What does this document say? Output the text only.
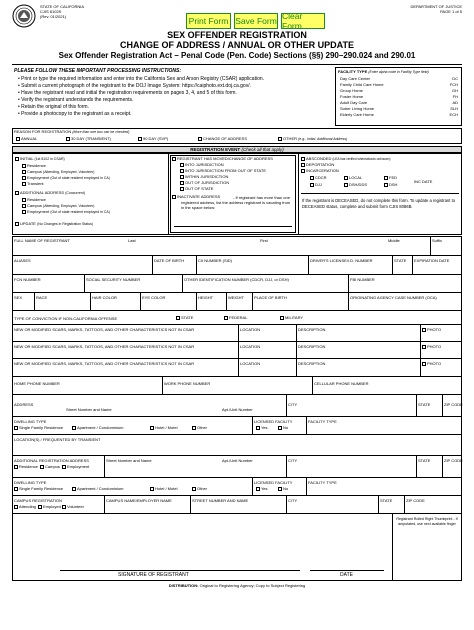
STATE OF CALIFORNIA
CJIS 8102S
(Rev. 01/2021)	Print Form Save Form Clear Form
DEPARTMENT OF JUSTICE
PAGE 1 of 5
SEX OFFENDER REGISTRATION
CHANGE OF ADDRESS / ANNUAL OR OTHER UPDATE
Sex Offender Registration Act – Penal Code (Pen. Code) Sections (§§) 290–290.024 and 290.01
PLEASE FOLLOW THESE IMPORTANT PROCESSING INSTRUCTIONS:
• Print or type the required information and enter into the California Sex and Arson Registry (CSAR) application.
• Submit a current photograph of the registrant to the DOJ Image System: https://caiphoto.ext.doj.ca.gov/.
• Have the registrant read and initial the registration requirements on pages 3, 4, and 5 of this form.
• Verify the registrant understands the requirements.
• Retain the original of this form.
• Provide a photocopy to the registrant as a receipt.
FACILITY TYPE (Enter alpha code in Facility Type field)
Day Care Center	DC
Family Child Care Home	FCH
Group Home	GH
Foster Home	FH
Adult Day Care	AD
Sober Living Home	SLH
Elderly Care Home	ECH
REASON FOR REGISTRATION (More than one box can be checked)
ANNUAL	30 DAY (TRANSIENT)	90 DAY (SVP)	CHANGE OF ADDRESS	OTHER (e.g., Initial, Additional Address)
REGISTRATION EVENT (Check all that apply)
INITIAL (1st 8102 in CSAR)
Residence
Campus (Attending, Employed, Volunteer)
Employment (Out of state resident employed in CA)
Transient
ADDITIONAL ADDRESS (Concurrent)
Residence
Campus (Attending, Employed, Volunteer)
Employment (Out of state resident employed in CA)
UPDATE (No Changes in Registration Status)
REGISTRANT HAS MOVED/CHANGE OF ADDRESS
INTO JURISDICTION
INTO JURISDICTION FROM OUT OF STATE
WITHIN JURISDICTION
OUT OF JURISDICTION
OUT OF STATE
INACTIVATE ADDRESS	- If registrant has more than one registered address, list the address registrant is vacating from in the space below:
ABSCONDED (LEA has verified whereabouts unknown)
DEPORTATION
INCARCERATION
CDCR	LOCAL	FED
DJJ	DSH/DDS	DSH
INC DATE
If the registrant is DECEASED, do not complete this form. To update a registrant to DECEASED status, complete and submit form CJIS 8086B.
FULL NAME OF REGISTRANT	Last	First	Middle	Suffix
ALIASES	DATE OF BIRTH	CII NUMBER (SID)	DRIVER'S LICENSE/I.D. NUMBER	STATE EXPIRATION DATE
FCN NUMBER	SOCIAL SECURITY NUMBER	OTHER IDENTIFICATION NUMBER (CDCR, DJJ, or DSH)	FBI NUMBER
SEX	RACE	HAIR COLOR	EYE COLOR	HEIGHT	WEIGHT	PLACE OF BIRTH	ORIGINATING AGENCY CASE NUMBER (OCA)
TYPE OF CONVICTION IF NON-CALIFORNIA OFFENSE	STATE	FEDERAL	MILITARY
NEW OR MODIFIED SCARS, MARKS, TATTOOS, AND OTHER CHARACTERISTICS NOT IN CSAR	LOCATION	DESCRIPTION	PHOTO
NEW OR MODIFIED SCARS, MARKS, TATTOOS, AND OTHER CHARACTERISTICS NOT IN CSAR	LOCATION	DESCRIPTION	PHOTO
NEW OR MODIFIED SCARS, MARKS, TATTOOS, AND OTHER CHARACTERISTICS NOT IN CSAR	LOCATION	DESCRIPTION	PHOTO
HOME PHONE NUMBER	WORK PHONE NUMBER	CELLULAR PHONE NUMBER
ADDRESS
Street Number and Name	Apt./Unit Number
CITY	STATE	ZIP CODE
DWELLING TYPE
Single Family Residence	Apartment / Condominium	Hotel / Motel	Other
LICENSED FACILITY
Yes	No
FACILITY TYPE
LOCATION(S) / FREQUENTED BY TRANSIENT
ADDITIONAL REGISTRATION ADDRESS
Residence	Campus	Employment
Street Number and Name	Apt./Unit Number	CITY	STATE	ZIP CODE
DWELLING TYPE
Single Family Residence	Apartment / Condominium	Hotel / Motel	Other
LICENSED FACILITY
Yes	No
FACILITY TYPE
CAMPUS REGISTRATION
Attending	Employed	Volunteer
CAMPUS NAME/EMPLOYER NAME	STREET NUMBER AND NAME	CITY	STATE	ZIP CODE
Registrant Rolled Right Thumbprint - If amputated, use next available finger
SIGNATURE OF REGISTRANT	DATE
DISTRIBUTION: Original to Registering Agency; Copy to Subject Registering
